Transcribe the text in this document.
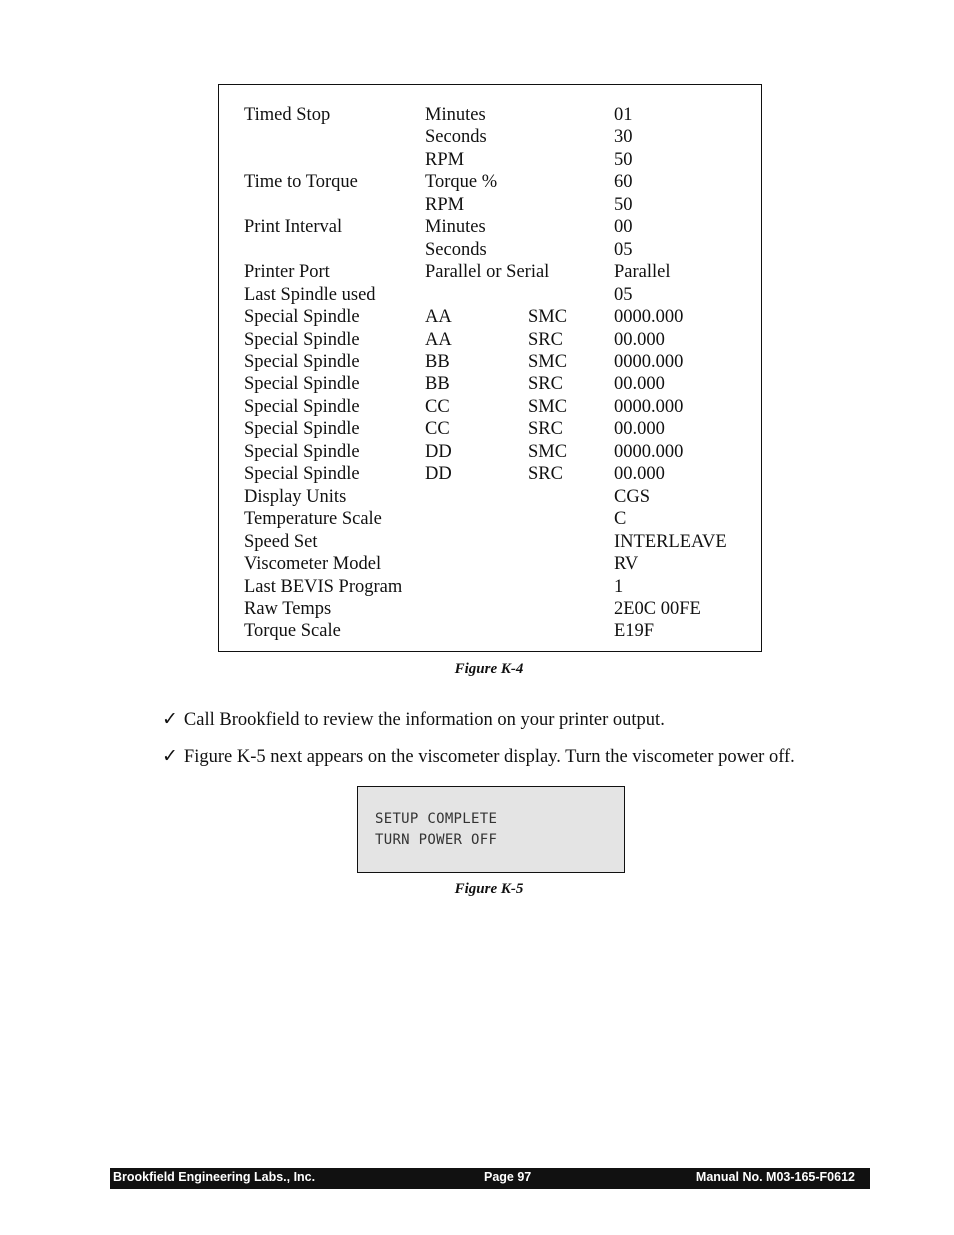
Timed Stop	Minutes		01
	Seconds		30
	RPM		50
Time to Torque	Torque %		60
	RPM		50
Print Interval	Minutes		00
	Seconds		05
Printer Port	Parallel or Serial		Parallel
Last Spindle used			05
Special Spindle	AA	SMC	0000.000
Special Spindle	AA	SRC	00.000
Special Spindle	BB	SMC	0000.000
Special Spindle	BB	SRC	00.000
Special Spindle	CC	SMC	0000.000
Special Spindle	CC	SRC	00.000
Special Spindle	DD	SMC	0000.000
Special Spindle	DD	SRC	00.000
Display Units			CGS
Temperature Scale			C
Speed Set			INTERLEAVE
Viscometer Model			RV
Last BEVIS Program			1
Raw Temps			2E0C 00FE
Torque Scale			E19F
Figure K-4
✓ Call Brookfield to review the information on your printer output.
✓ Figure K-5 next appears on the viscometer display. Turn the viscometer power off.
SETUP COMPLETE
TURN POWER OFF
Figure K-5
Brookfield Engineering Labs., Inc.	Page 97	Manual No. M03-165-F0612
